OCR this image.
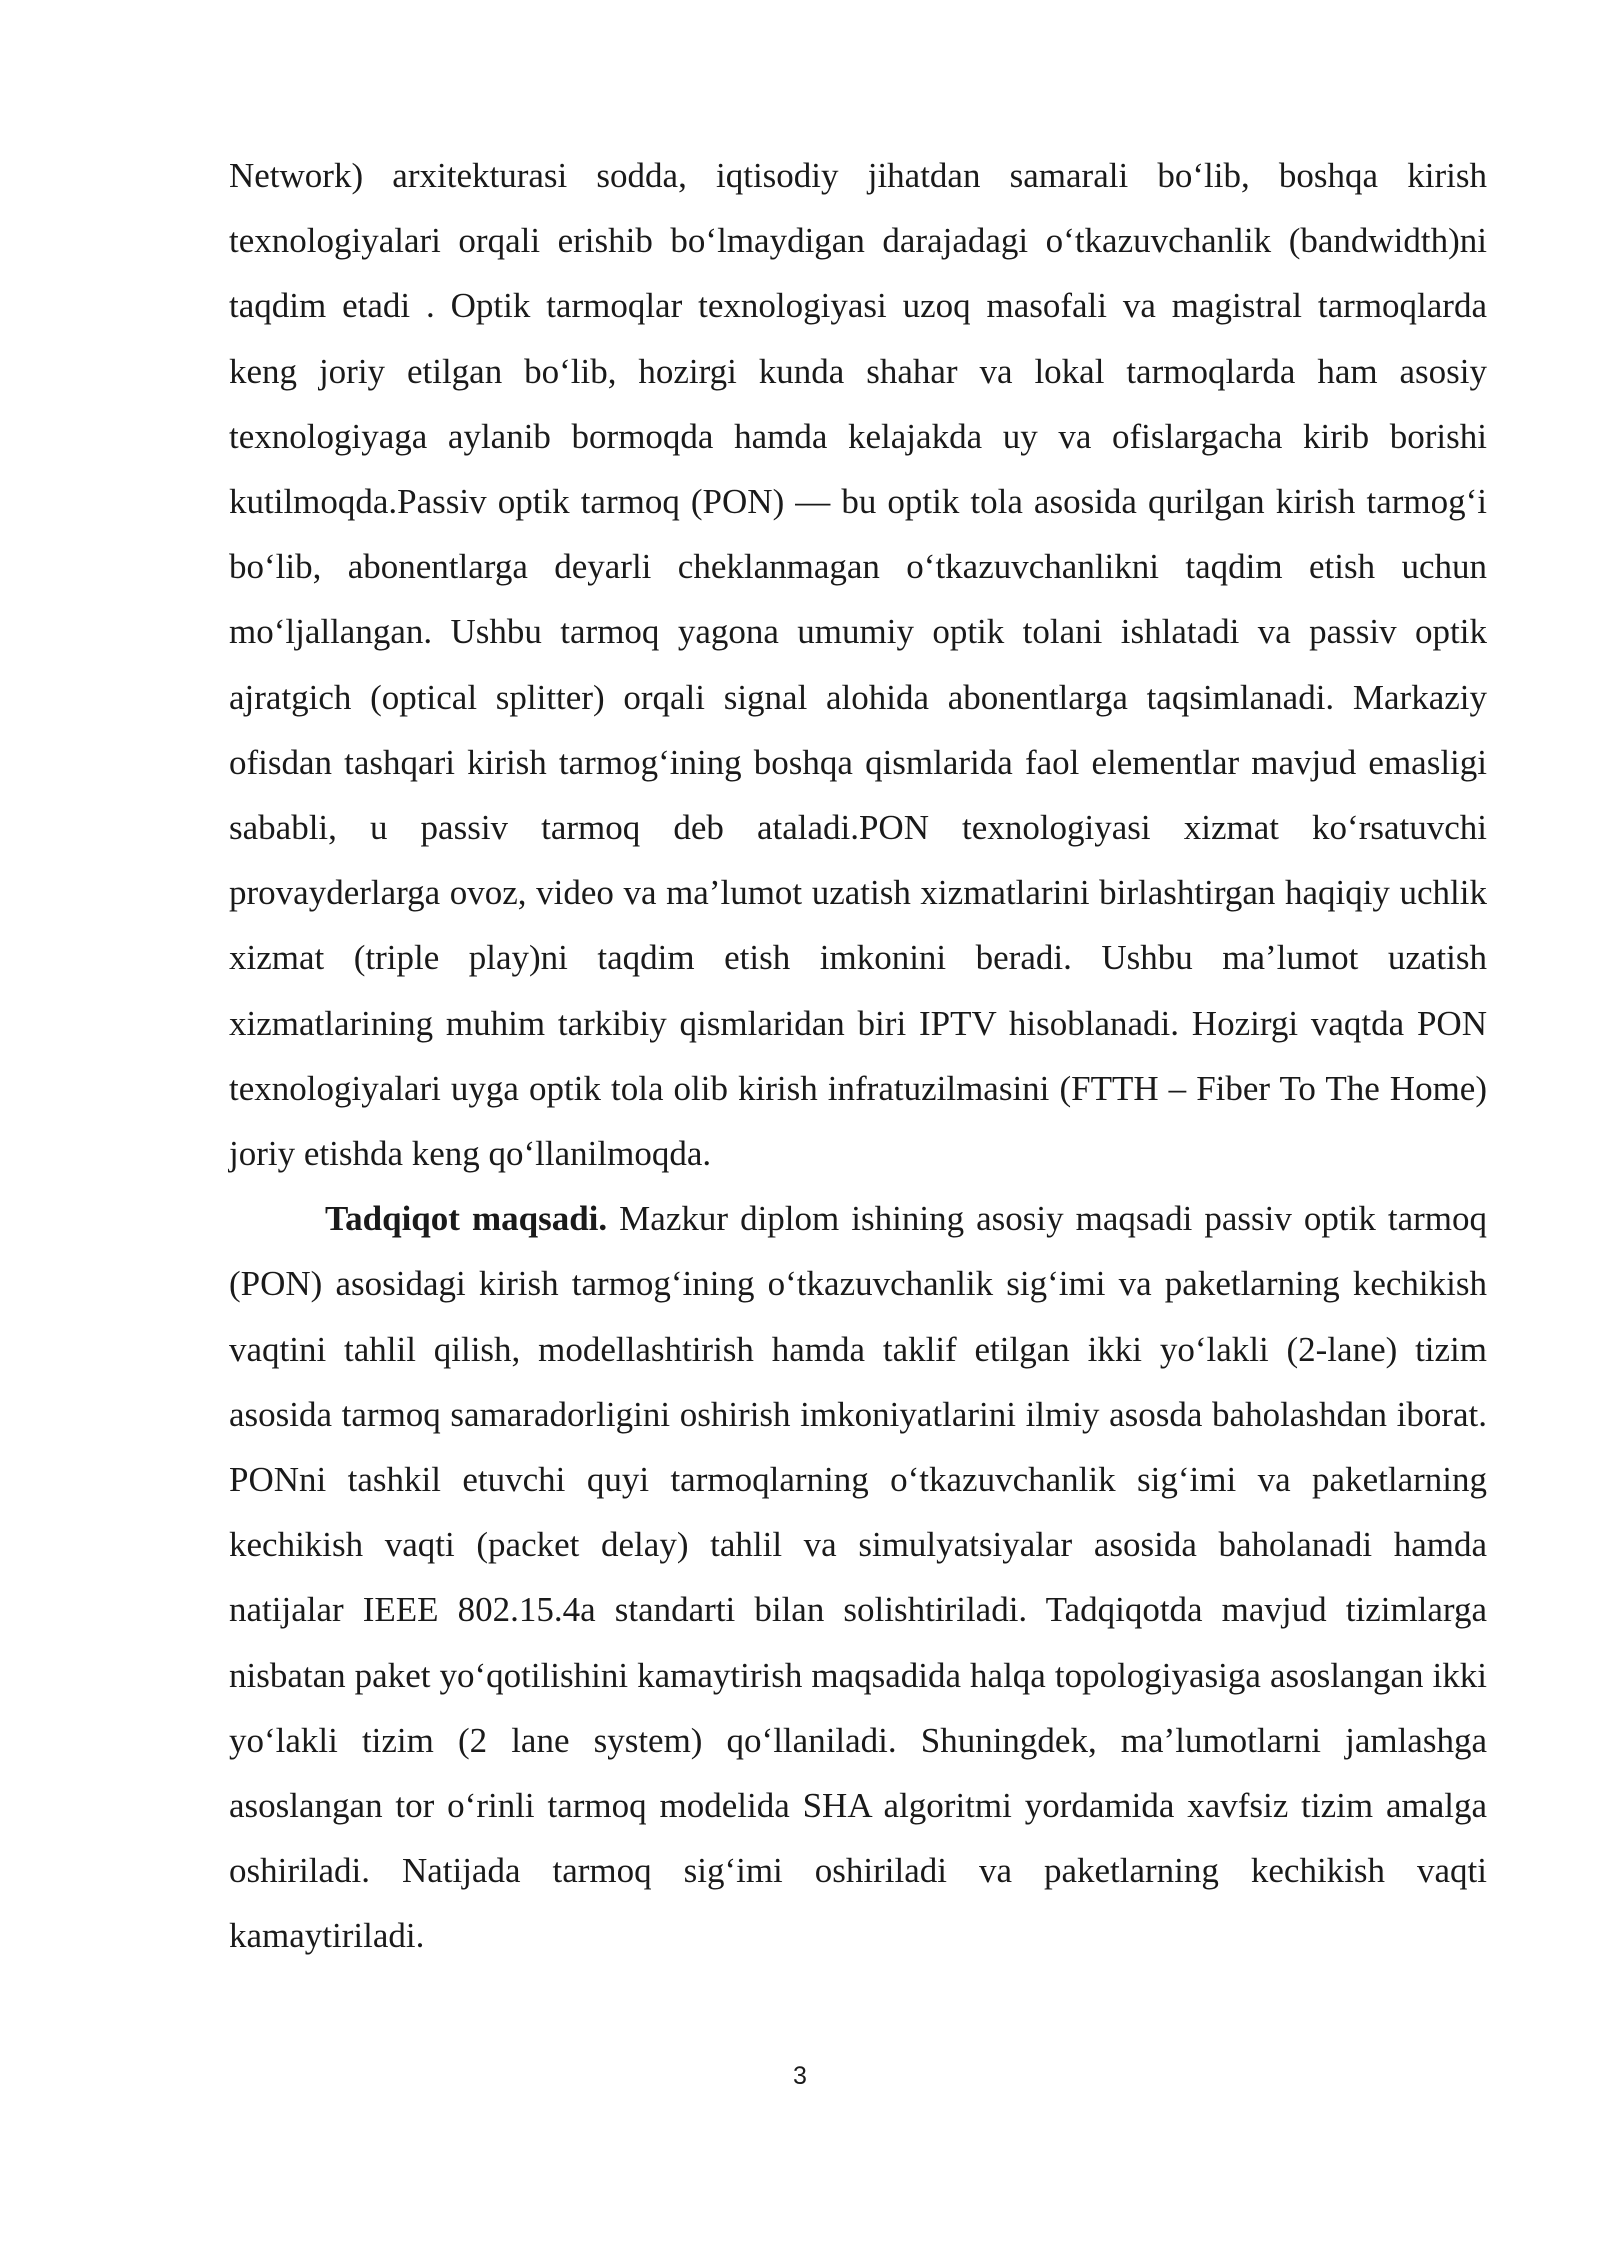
Network) arxitekturasi sodda, iqtisodiy jihatdan samarali bo‘lib, boshqa kirish texnologiyalari orqali erishib bo‘lmaydigan darajadagi o‘tkazuvchanlik (bandwidth)ni taqdim etadi . Optik tarmoqlar texnologiyasi uzoq masofali va magistral tarmoqlarda keng joriy etilgan bo‘lib, hozirgi kunda shahar va lokal tarmoqlarda ham asosiy texnologiyaga aylanib bormoqda hamda kelajakda uy va ofislargacha kirib borishi kutilmoqda.Passiv optik tarmoq (PON) — bu optik tola asosida qurilgan kirish tarmog‘i bo‘lib, abonentlarga deyarli cheklanmagan o‘tkazuvchanlikni taqdim etish uchun mo‘ljallangan. Ushbu tarmoq yagona umumiy optik tolani ishlatadi va passiv optik ajratgich (optical splitter) orqali signal alohida abonentlarga taqsimlanadi. Markaziy ofisdan tashqari kirish tarmog‘ining boshqa qismlarida faol elementlar mavjud emasligi sababli, u passiv tarmoq deb ataladi.PON texnologiyasi xizmat ko‘rsatuvchi provayderlarga ovoz, video va ma’lumot uzatish xizmatlarini birlashtirgan haqiqiy uchlik xizmat (triple play)ni taqdim etish imkonini beradi. Ushbu ma’lumot uzatish xizmatlarining muhim tarkibiy qismlaridan biri IPTV hisoblanadi. Hozirgi vaqtda PON texnologiyalari uyga optik tola olib kirish infratuzilmasini (FTTH – Fiber To The Home) joriy etishda keng qo‘llanilmoqda.

Tadqiqot maqsadi. Mazkur diplom ishining asosiy maqsadi passiv optik tarmoq (PON) asosidagi kirish tarmog‘ining o‘tkazuvchanlik sig‘imi va paketlarning kechikish vaqtini tahlil qilish, modellashtirish hamda taklif etilgan ikki yo‘lakli (2-lane) tizim asosida tarmoq samaradorligini oshirish imkoniyatlarini ilmiy asosda baholashdan iborat. PONni tashkil etuvchi quyi tarmoqlarning o‘tkazuvchanlik sig‘imi va paketlarning kechikish vaqti (packet delay) tahlil va simulyatsiyalar asosida baholanadi hamda natijalar IEEE 802.15.4a standarti bilan solishtiriladi. Tadqiqotda mavjud tizimlarga nisbatan paket yo‘qotilishini kamaytirish maqsadida halqa topologiyasiga asoslangan ikki yo‘lakli tizim (2 lane system) qo‘llaniladi. Shuningdek, ma’lumotlarni jamlashga asoslangan tor o‘rinli tarmoq modelida SHA algoritmi yordamida xavfsiz tizim amalga oshiriladi. Natijada tarmoq sig‘imi oshiriladi va paketlarning kechikish vaqti kamaytiriladi.

3
